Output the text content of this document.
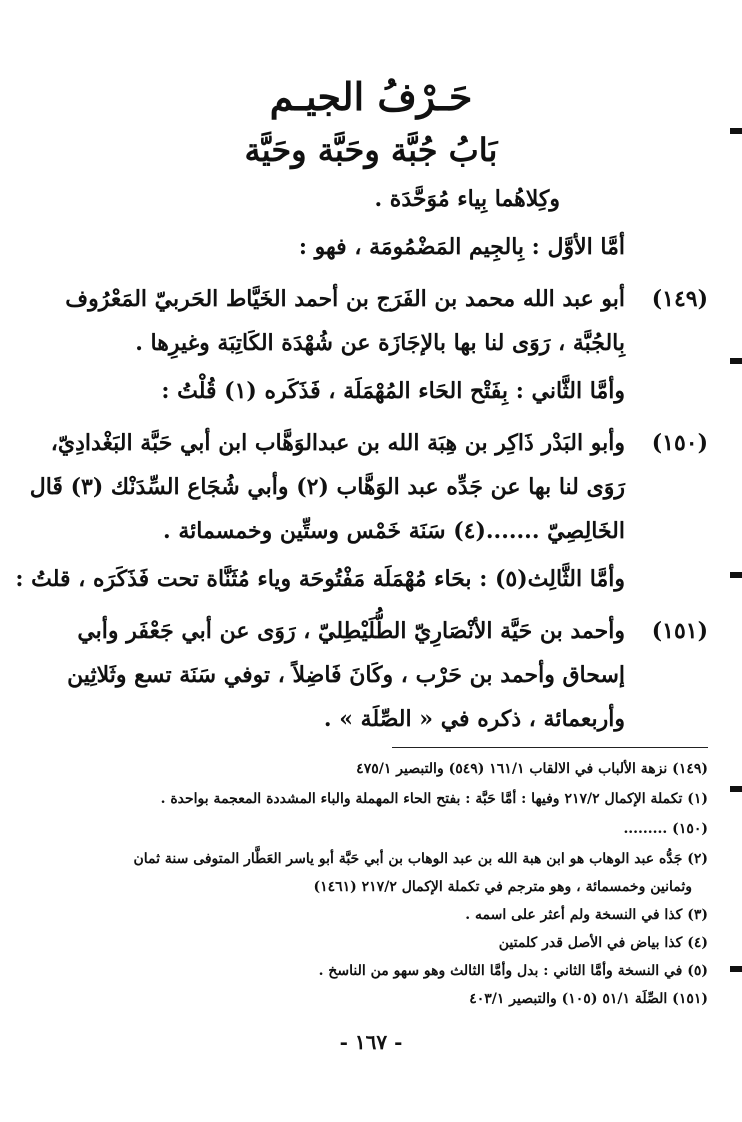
حَـرْفُ الجيـم
بَابُ جُبَّة وحَبَّة وحَيَّة
وكِلاهُما بِياء مُوَحَّدَة .
أمَّا الأوَّل : بِالجِيم المَضْمُومَة ، فهو :
(١٤٩)
أبو عبد الله محمد بن الفَرَج بن أحمد الخَيَّاط الحَربيّ المَعْرُوف
بِالجُبَّة ، رَوَى لنا بها بالإجَازَة عن شُهْدَة الكَاتِبَة وغيرِها .
وأمَّا الثَّاني : بِفَتْح الحَاء المُهْمَلَة ، فَذَكَره (١) قُلْتُ :
(١٥٠)
وأبو البَدْر ذَاكِر بن هِبَة الله بن عبدالوَهَّاب ابن أبي حَبَّة البَغْدادِيّ،
رَوَى لنا بها عن جَدِّه عبد الوَهَّاب (٢) وأبي شُجَاع السِّدَنْك (٣) قَال
الخَالِصِيّ .......(٤) سَنَة خَمْس وستِّين وخمسمائة .
وأمَّا الثَّالِث(٥) : بحَاء مُهْمَلَة مَفْتُوحَة وياء مُثَنَّاة تحت فَذَكَرَه ، قلتُ :
(١٥١)
وأحمد بن حَيَّة الأنْصَارِيّ الطُّلَيْطِليّ ، رَوَى عن أبي جَعْفَر وأبي
إسحاق وأحمد بن حَرْب ، وكَانَ فَاضِلاً ، توفي سَنَة تسع وثَلاثِين
وأربعمائة ، ذكره في « الصِّلَة » .
(١٤٩) نزهة الألباب في الالقاب ١٦١/١ (٥٤٩) والتبصير ٤٧٥/١
(١) تكملة الإكمال ٢١٧/٢ وفيها : أمَّا حَبَّة : بفتح الحاء المهملة والباء المشددة المعجمة بواحدة .
(١٥٠) .........
(٢) جَدُّه عبد الوهاب هو ابن هبة الله بن عبد الوهاب بن أبي حَبَّة أبو ياسر العَطَّار المتوفى سنة ثمان
وثمانين وخمسمائة ، وهو مترجم في تكملة الإكمال ٢١٧/٢ (١٤٦١)
(٣) كذا في النسخة ولم أعثر على اسمه .
(٤) كذا بياض في الأصل قدر كلمتين
(٥) في النسخة وأمَّا الثاني : بدل وأمَّا الثالث وهو سهو من الناسخ .
(١٥١) الصِّلَة ٥١/١ (١٠٥) والتبصير ٤٠٣/١
- ١٦٧ -
